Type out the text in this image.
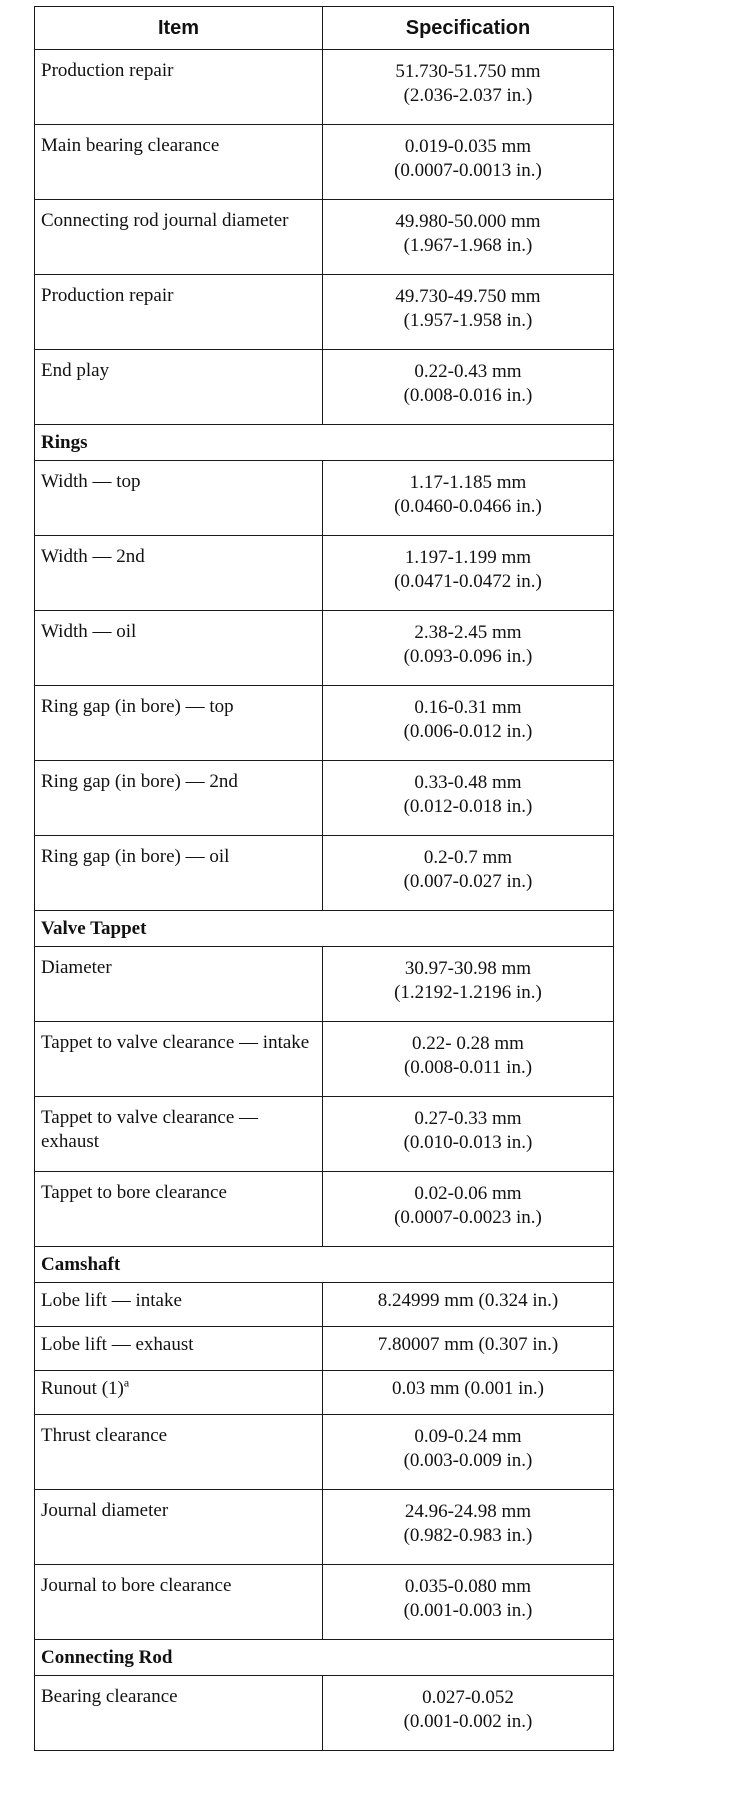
Item	Specification
Production repair	51.730-51.750 mm
(2.036-2.037 in.)

Main bearing clearance	0.019-0.035 mm
(0.0007-0.0013 in.)

Connecting rod journal diameter	49.980-50.000 mm
(1.967-1.968 in.)

Production repair	49.730-49.750 mm
(1.957-1.958 in.)

End play	0.22-0.43 mm
(0.008-0.016 in.)

Rings	
Width — top	1.17-1.185 mm
(0.0460-0.0466 in.)

Width — 2nd	1.197-1.199 mm
(0.0471-0.0472 in.)

Width — oil	2.38-2.45 mm
(0.093-0.096 in.)

Ring gap (in bore) — top	0.16-0.31 mm
(0.006-0.012 in.)

Ring gap (in bore) — 2nd	0.33-0.48 mm
(0.012-0.018 in.)

Ring gap (in bore) — oil	0.2-0.7 mm
(0.007-0.027 in.)

Valve Tappet	
Diameter	30.97-30.98 mm
(1.2192-1.2196 in.)

Tappet to valve clearance — intake	0.22- 0.28 mm
(0.008-0.011 in.)

Tappet to valve clearance — exhaust	0.27-0.33 mm
(0.010-0.013 in.)

Tappet to bore clearance	0.02-0.06 mm
(0.0007-0.0023 in.)

Camshaft	
Lobe lift — intake	8.24999 mm (0.324 in.)

Lobe lift — exhaust	7.80007 mm (0.307 in.)

Runout $(1)^a$	0.03 mm (0.001 in.)

Thrust clearance	0.09-0.24 mm
(0.003-0.009 in.)

Journal diameter	24.96-24.98 mm
(0.982-0.983 in.)

Journal to bore clearance	0.035-0.080 mm
(0.001-0.003 in.)

Connecting Rod	
Bearing clearance	0.027-0.052
(0.001-0.002 in.)
